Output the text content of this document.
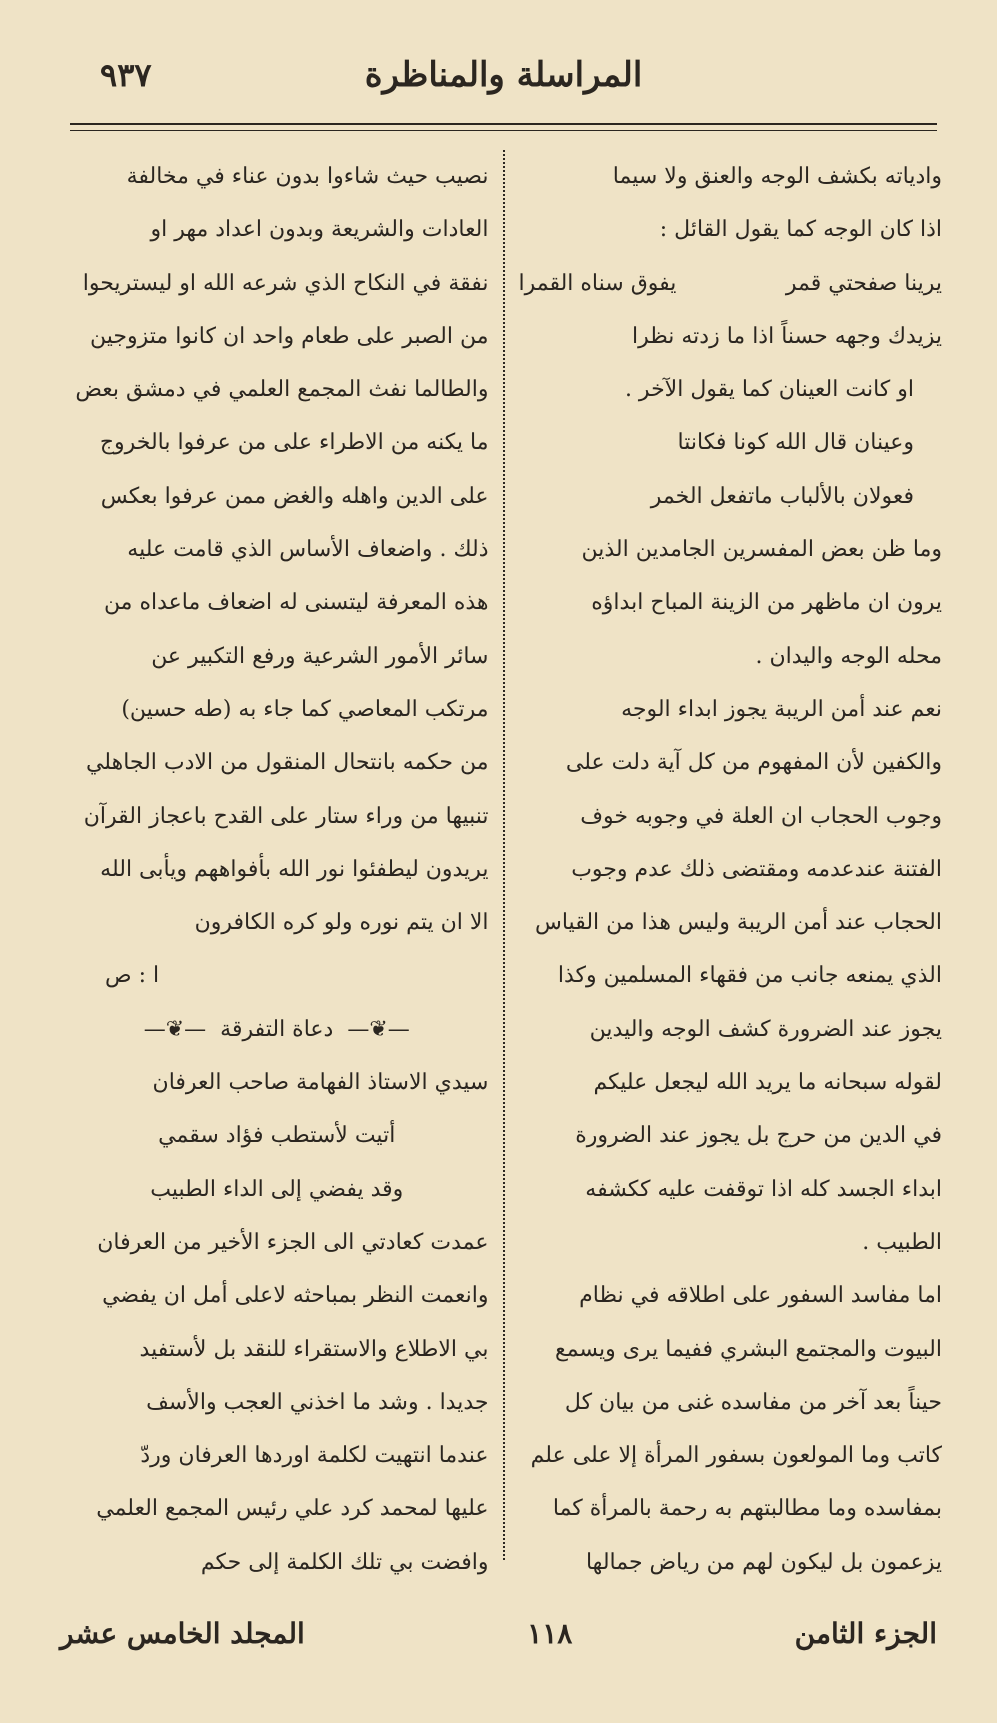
المراسلة والمناظرة
٩٣٧
وادياته بكشف الوجه والعنق ولا سيما
اذا كان الوجه كما يقول القائل :
يرينا صفحتي قمر
يفوق سناه القمرا
يزيدك وجهه حسناً اذا ما زدته نظرا
او كانت العينان كما يقول الآخر .
وعينان قال الله كونا فكانتا
فعولان بالألباب ماتفعل الخمر
وما ظن بعض المفسرين الجامدين الذين
يرون ان ماظهر من الزينة المباح ابداؤه
محله الوجه واليدان .
نعم عند أمن الريبة يجوز ابداء الوجه
والكفين لأن المفهوم من كل آية دلت على
وجوب الحجاب ان العلة في وجوبه خوف
الفتنة عندعدمه ومقتضى ذلك عدم وجوب
الحجاب عند أمن الريبة وليس هذا من القياس
الذي يمنعه جانب من فقهاء المسلمين وكذا
يجوز عند الضرورة كشف الوجه واليدين
لقوله سبحانه ما يريد الله ليجعل عليكم
في الدين من حرج بل يجوز عند الضرورة
ابداء الجسد كله اذا توقفت عليه ككشفه
الطبيب .
اما مفاسد السفور على اطلاقه في نظام
البيوت والمجتمع البشري ففيما يرى ويسمع
حيناً بعد آخر من مفاسده غنى من بيان كل
كاتب وما المولعون بسفور المرأة إلا على علم
بمفاسده وما مطالبتهم به رحمة بالمرأة كما
يزعمون بل ليكون لهم من رياض جمالها
نصيب حيث شاءوا بدون عناء في مخالفة
العادات والشريعة وبدون اعداد مهر او
نفقة في النكاح الذي شرعه الله او ليستريحوا
من الصبر على طعام واحد ان كانوا متزوجين
والطالما نفث المجمع العلمي في دمشق بعض
ما يكنه من الاطراء على من عرفوا بالخروج
على الدين واهله والغض ممن عرفوا بعكس
ذلك . واضعاف الأساس الذي قامت عليه
هذه المعرفة ليتسنى له اضعاف ماعداه من
سائر الأمور الشرعية ورفع التكبير عن
مرتكب المعاصي كما جاء به (طه حسين)
من حكمه بانتحال المنقول من الادب الجاهلي
تنبيها من وراء ستار على القدح باعجاز القرآن
يريدون ليطفئوا نور الله بأفواههم ويأبى الله
الا ان يتم نوره ولو كره الكافرون
ا : ص
—❦—
دعاة التفرقة
—❦—
سيدي الاستاذ الفهامة صاحب العرفان
أتيت لأستطب فؤاد سقمي
وقد يفضي إلى الداء الطبيب
عمدت كعادتي الى الجزء الأخير من العرفان
وانعمت النظر بمباحثه لاعلى أمل ان يفضي
بي الاطلاع والاستقراء للنقد بل لأستفيد
جديدا . وشد ما اخذني العجب والأسف
عندما انتهيت لكلمة اوردها العرفان وردّ
عليها لمحمد كرد علي رئيس المجمع العلمي
وافضت بي تلك الكلمة إلى حكم
الجزء الثامن
١١٨
المجلد الخامس عشر
